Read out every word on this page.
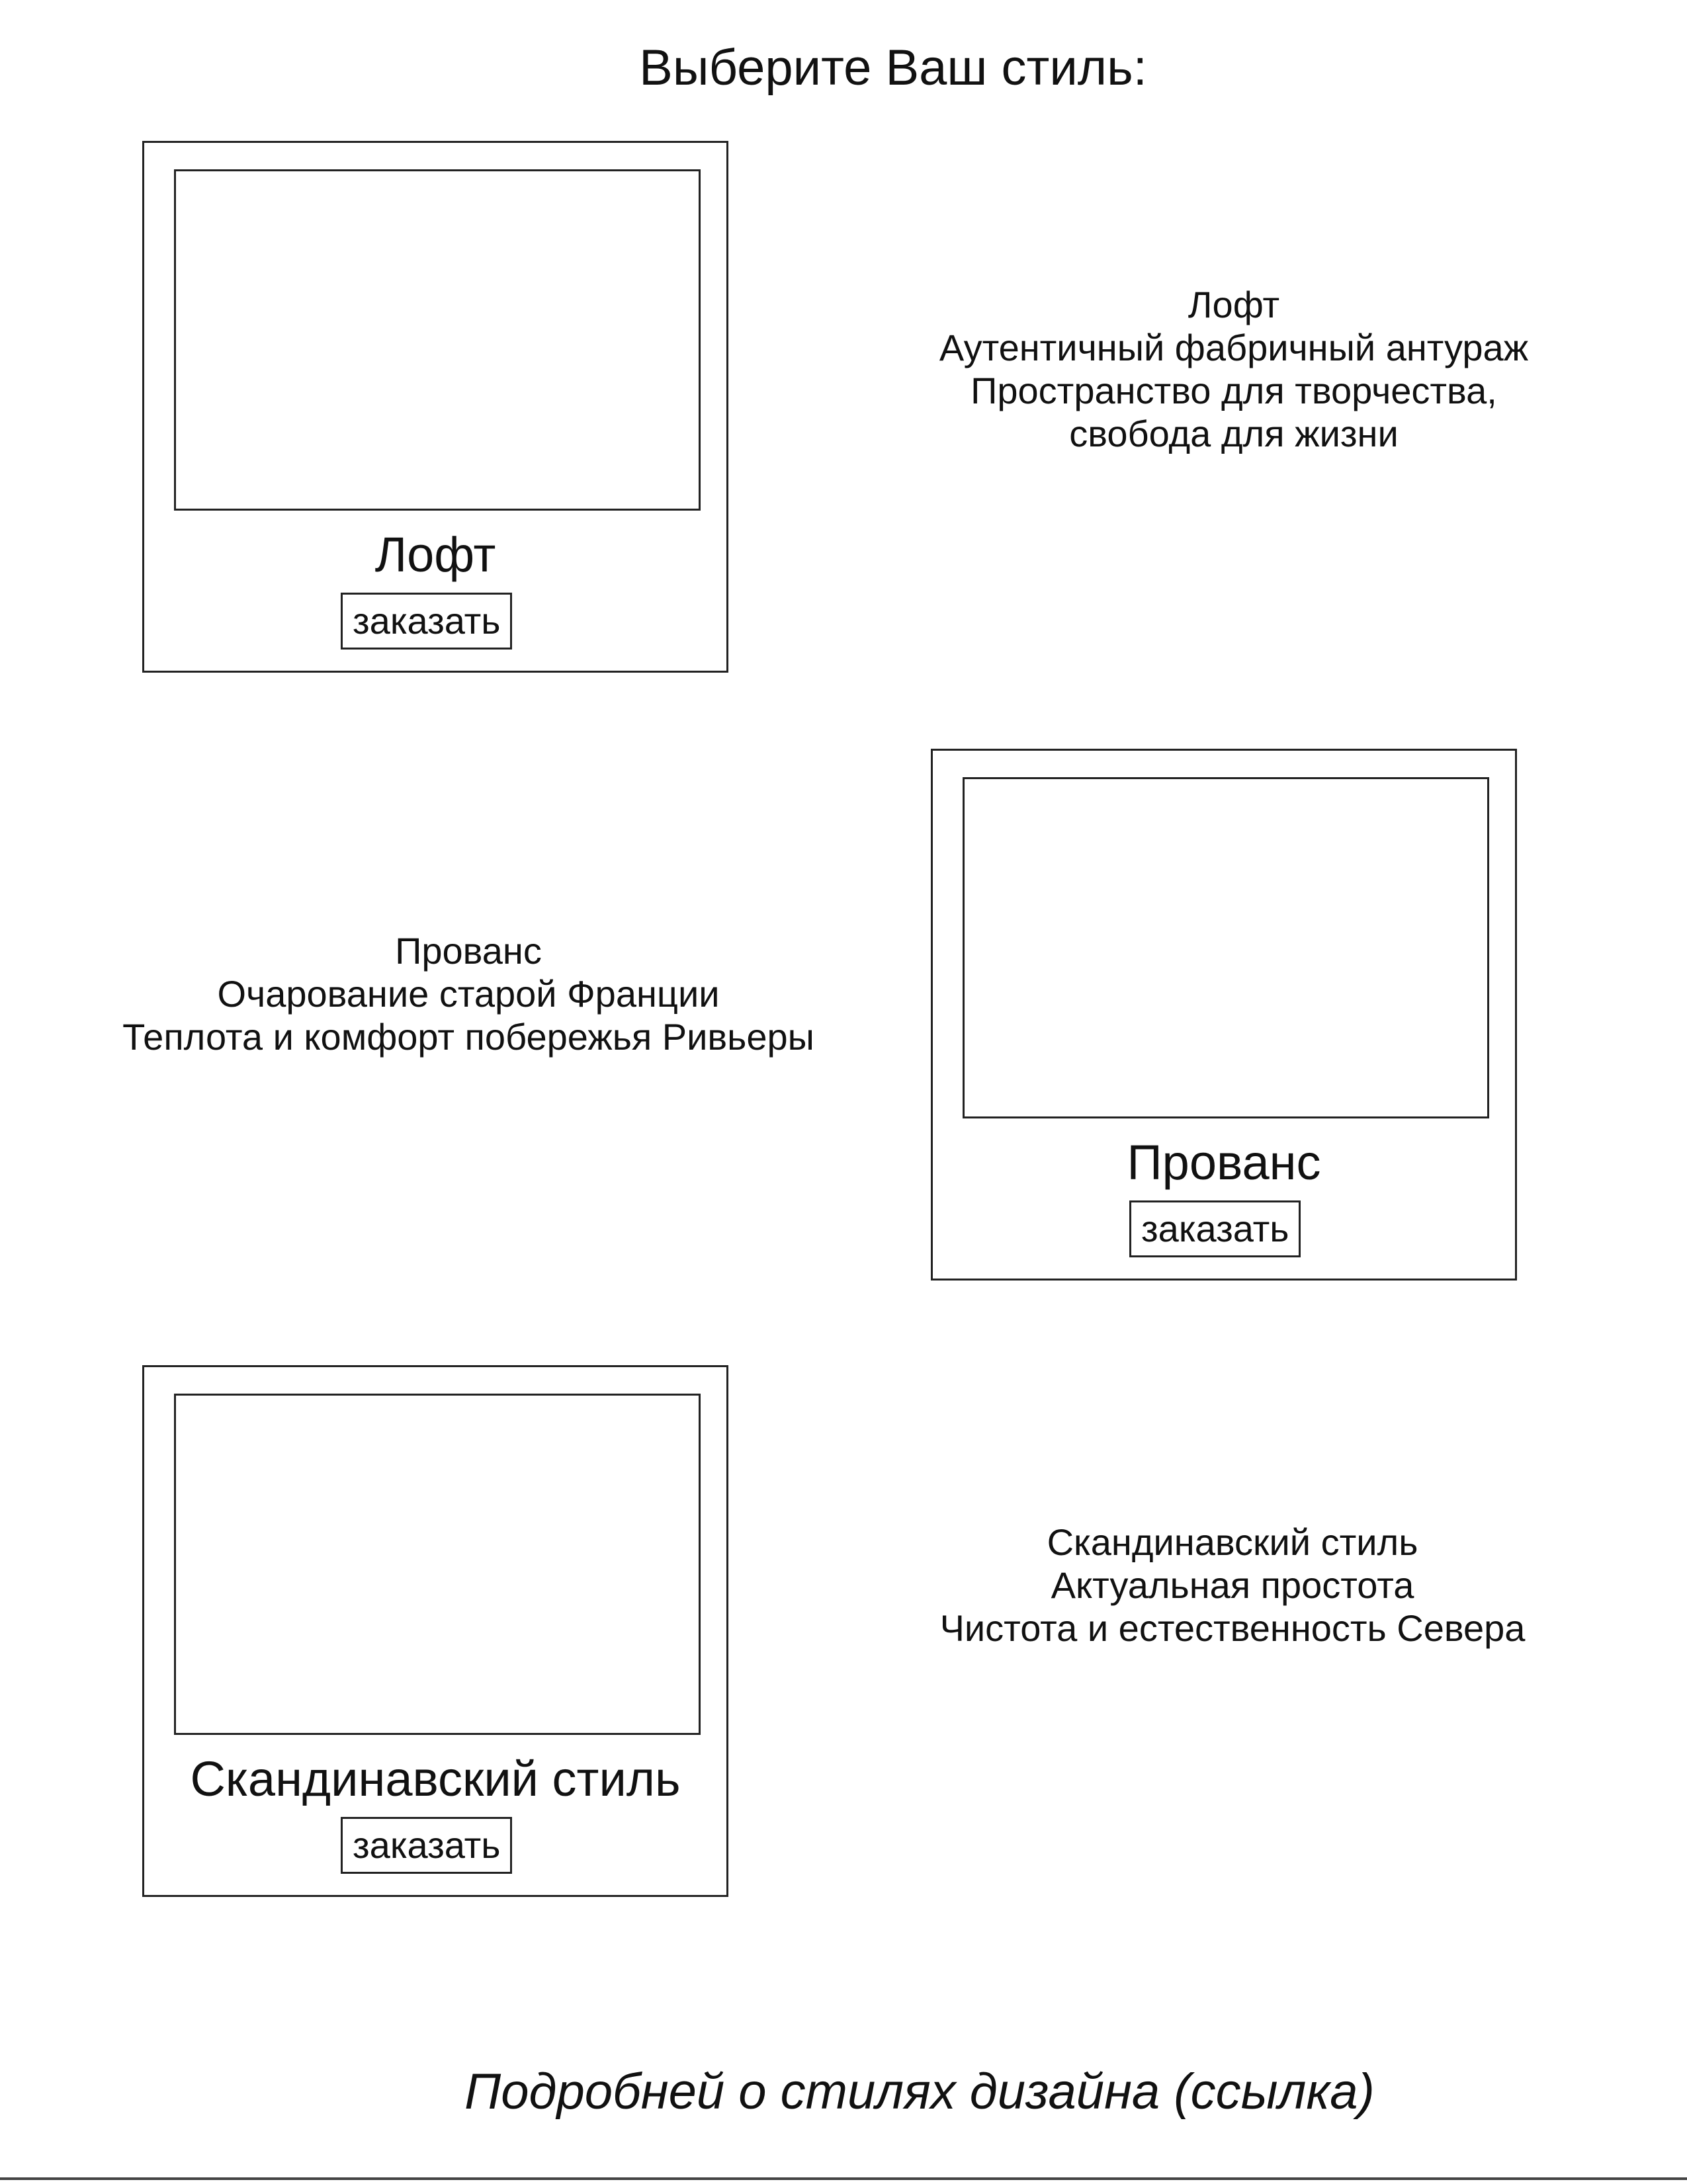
Выберите Ваш стиль:
Лофт
заказать
Лофт
Аутентичный фабричный антураж
Пространство для творчества,
свобода для жизни
Прованс
Очарование старой Франции
Теплота и комфорт побережья Ривьеры
Прованс
заказать
Скандинавский стиль
заказать
Скандинавский стиль
Актуальная простота
Чистота и естественность Севера
Подробней о стилях дизайна (ссылка)
